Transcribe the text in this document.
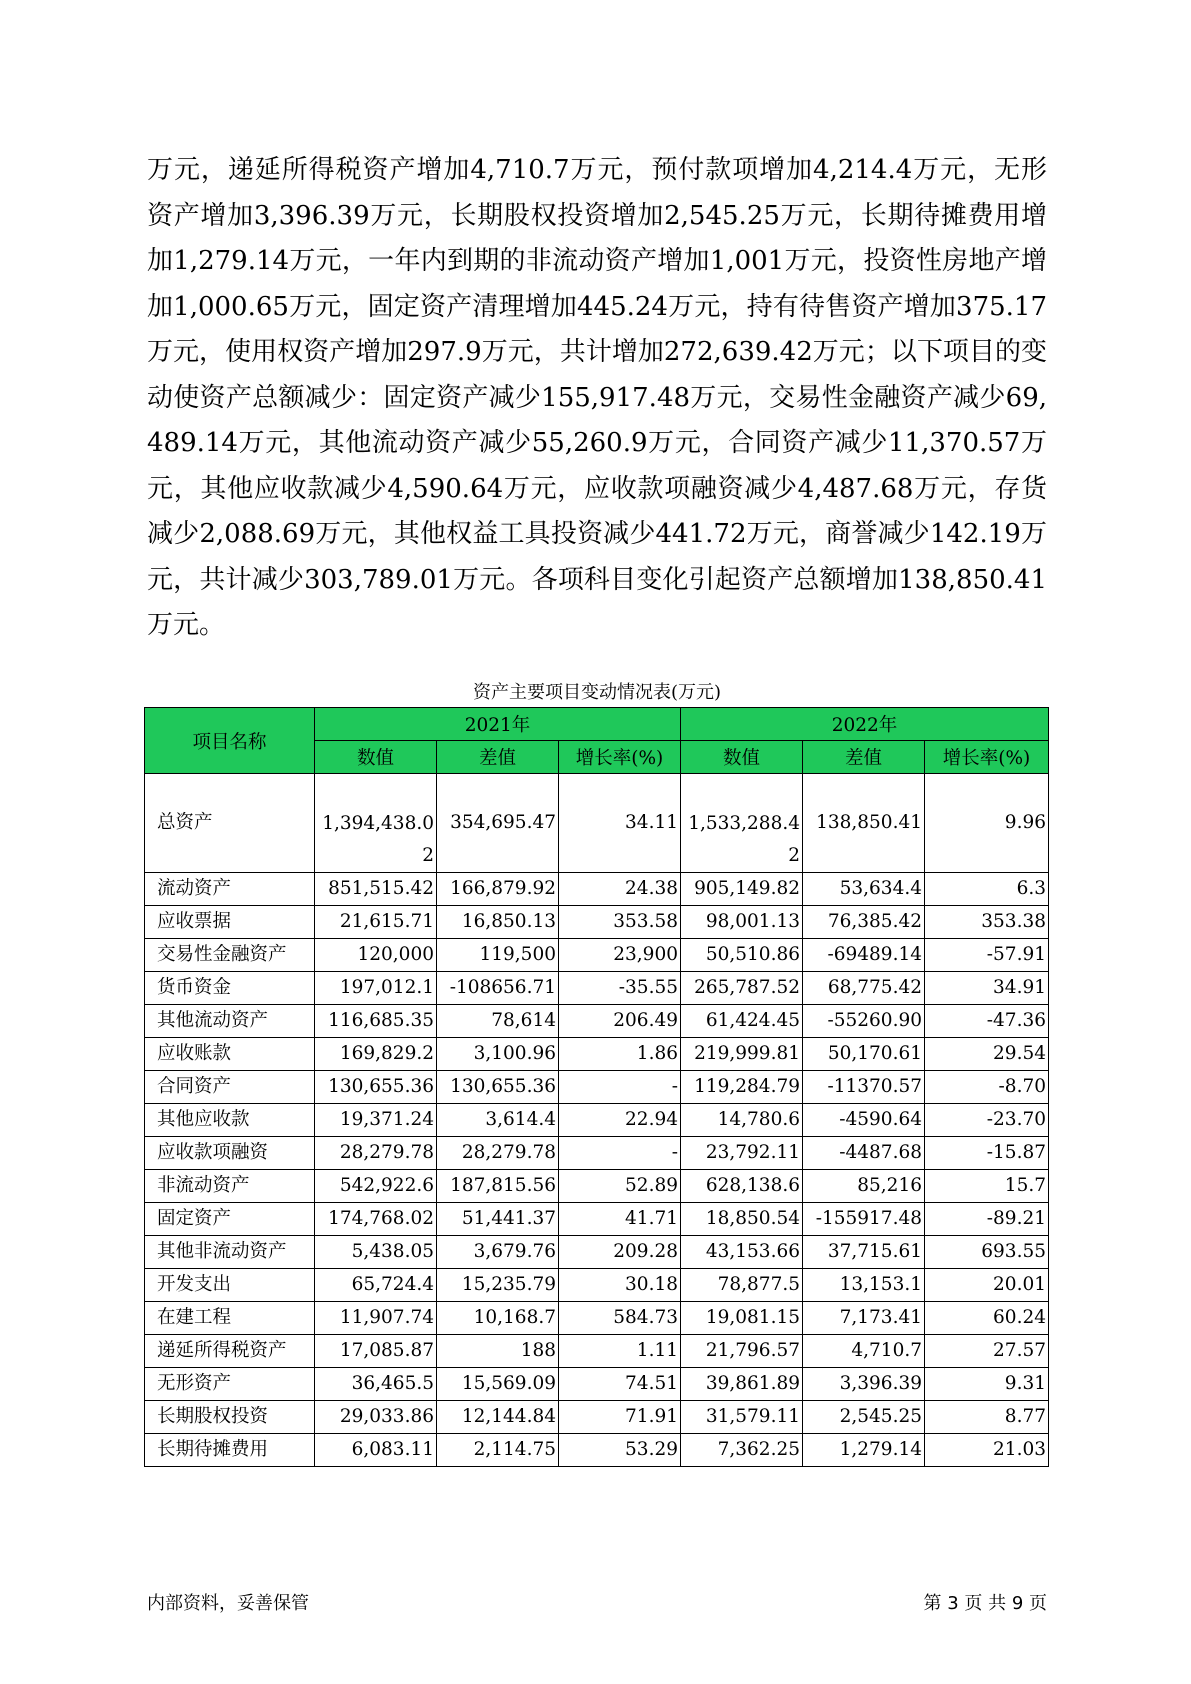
万元，递延所得税资产增加4,710.7万元，预付款项增加4,214.4万元，无形资产增加3,396.39万元，长期股权投资增加2,545.25万元，长期待摊费用增加1,279.14万元，一年内到期的非流动资产增加1,001万元，投资性房地产增加1,000.65万元，固定资产清理增加445.24万元，持有待售资产增加375.17万元，使用权资产增加297.9万元，共计增加272,639.42万元；以下项目的变动使资产总额减少：固定资产减少155,917.48万元，交易性金融资产减少69,489.14万元，其他流动资产减少55,260.9万元，合同资产减少11,370.57万元，其他应收款减少4,590.64万元，应收款项融资减少4,487.68万元，存货减少2,088.69万元，其他权益工具投资减少441.72万元，商誉减少142.19万元，共计减少303,789.01万元。各项科目变化引起资产总额增加138,850.41万元。

资产主要项目变动情况表(万元)
项目名称	2021年			2022年		
	数值	差值	增长率(%)	数值	差值	增长率(%)
总资产	1,394,438.02	354,695.47	34.11	1,533,288.42	138,850.41	9.96
流动资产	851,515.42	166,879.92	24.38	905,149.82	53,634.4	6.3
应收票据	21,615.71	16,850.13	353.58	98,001.13	76,385.42	353.38
交易性金融资产	120,000	119,500	23,900	50,510.86	-69489.14	-57.91
货币资金	197,012.1	-108656.71	-35.55	265,787.52	68,775.42	34.91
其他流动资产	116,685.35	78,614	206.49	61,424.45	-55260.90	-47.36
应收账款	169,829.2	3,100.96	1.86	219,999.81	50,170.61	29.54
合同资产	130,655.36	130,655.36	-	119,284.79	-11370.57	-8.70
其他应收款	19,371.24	3,614.4	22.94	14,780.6	-4590.64	-23.70
应收款项融资	28,279.78	28,279.78	-	23,792.11	-4487.68	-15.87
非流动资产	542,922.6	187,815.56	52.89	628,138.6	85,216	15.7
固定资产	174,768.02	51,441.37	41.71	18,850.54	-155917.48	-89.21
其他非流动资产	5,438.05	3,679.76	209.28	43,153.66	37,715.61	693.55
开发支出	65,724.4	15,235.79	30.18	78,877.5	13,153.1	20.01
在建工程	11,907.74	10,168.7	584.73	19,081.15	7,173.41	60.24
递延所得税资产	17,085.87	188	1.11	21,796.57	4,710.7	27.57
无形资产	36,465.5	15,569.09	74.51	39,861.89	3,396.39	9.31
长期股权投资	29,033.86	12,144.84	71.91	31,579.11	2,545.25	8.77
长期待摊费用	6,083.11	2,114.75	53.29	7,362.25	1,279.14	21.03
内部资料，妥善保管	第 3 页 共 9 页
